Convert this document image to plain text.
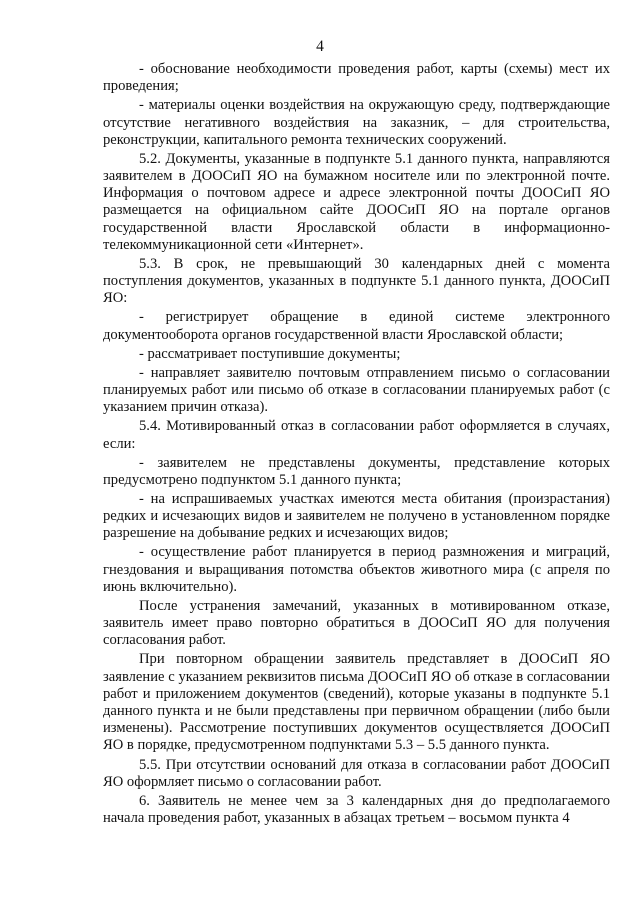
4

- обоснование необходимости проведения работ, карты (схемы) мест их проведения;

- материалы оценки воздействия на окружающую среду, подтверждающие отсутствие негативного воздействия на заказник, – для строительства, реконструкции, капитального ремонта технических сооружений.

5.2. Документы, указанные в подпункте 5.1 данного пункта, направляются заявителем в ДООСиП ЯО на бумажном носителе или по электронной почте. Информация о почтовом адресе и адресе электронной почты ДООСиП ЯО размещается на официальном сайте ДООСиП ЯО на портале органов государственной власти Ярославской области в информационно-телекоммуникационной сети «Интернет».

5.3. В срок, не превышающий 30 календарных дней с момента поступления документов, указанных в подпункте 5.1 данного пункта, ДООСиП ЯО:

- регистрирует обращение в единой системе электронного документооборота органов государственной власти Ярославской области;

- рассматривает поступившие документы;

- направляет заявителю почтовым отправлением письмо о согласовании планируемых работ или письмо об отказе в согласовании планируемых работ (с указанием причин отказа).

5.4. Мотивированный отказ в согласовании работ оформляется в случаях, если:

- заявителем не представлены документы, представление которых предусмотрено подпунктом 5.1 данного пункта;

- на испрашиваемых участках имеются места обитания (произрастания) редких и исчезающих видов и заявителем не получено в установленном порядке разрешение на добывание редких и исчезающих видов;

- осуществление работ планируется в период размножения и миграций, гнездования и выращивания потомства объектов животного мира (с апреля по июнь включительно).

После устранения замечаний, указанных в мотивированном отказе, заявитель имеет право повторно обратиться в ДООСиП ЯО для получения согласования работ.

При повторном обращении заявитель представляет в ДООСиП ЯО заявление с указанием реквизитов письма ДООСиП ЯО об отказе в согласовании работ и приложением документов (сведений), которые указаны в подпункте 5.1 данного пункта и не были представлены при первичном обращении (либо были изменены). Рассмотрение поступивших документов осуществляется ДООСиП ЯО в порядке, предусмотренном подпунктами 5.3 – 5.5 данного пункта.

5.5. При отсутствии оснований для отказа в согласовании работ ДООСиП ЯО оформляет письмо о согласовании работ.

6. Заявитель не менее чем за 3 календарных дня до предполагаемого начала проведения работ, указанных в абзацах третьем – восьмом пункта 4
